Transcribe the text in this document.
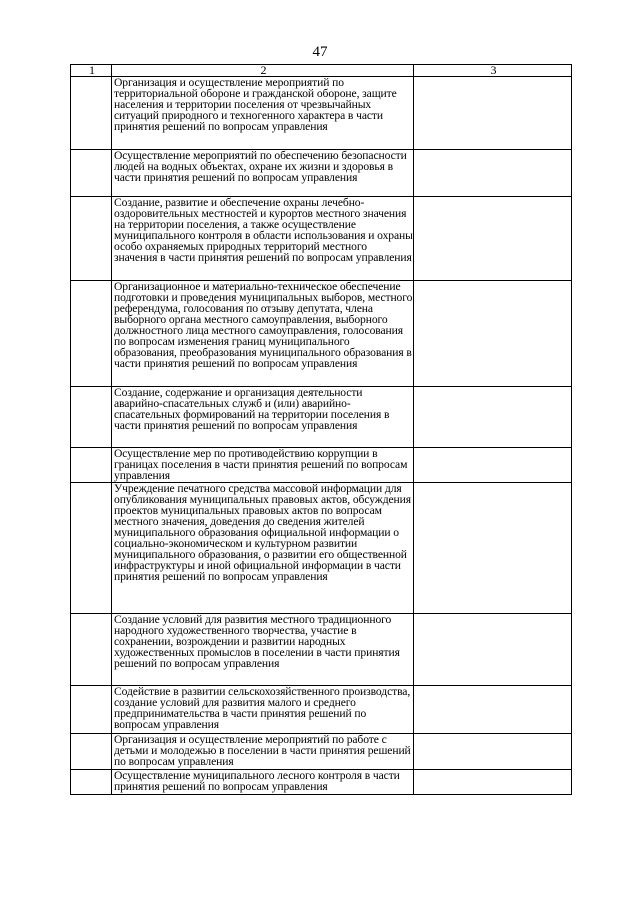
47
1	2	3
	Организация и осуществление мероприятий по территориальной обороне и гражданской обороне, защите населения и территории поселения от чрезвычайных ситуаций природного и техногенного характера в части принятия решений по вопросам управления	
	Осуществление мероприятий по обеспечению безопасности людей на водных объектах, охране их жизни и здоровья в части принятия решений по вопросам управления	
	Создание, развитие и обеспечение охраны лечебно-оздоровительных местностей и курортов местного значения на территории поселения, а также осуществление муниципального контроля в области использования и охраны особо охраняемых природных территорий местного значения в части принятия решений по вопросам управления	
	Организационное и материально-техническое обеспечение подготовки и проведения муниципальных выборов, местного референдума, голосования по отзыву депутата, члена выборного органа местного самоуправления, выборного должностного лица местного самоуправления, голосования по вопросам изменения границ муниципального образования, преобразования муниципального образования в части принятия решений по вопросам управления	
	Создание, содержание и организация деятельности аварийно-спасательных служб и (или) аварийно-спасательных формирований на территории поселения в части принятия решений по вопросам управления	
	Осуществление мер по противодействию коррупции в границах поселения в части принятия решений по вопросам управления	
	Учреждение печатного средства массовой информации для опубликования муниципальных правовых актов, обсуждения проектов муниципальных правовых актов по вопросам местного значения, доведения до сведения жителей муниципального образования официальной информации о социально-экономическом и культурном развитии муниципального образования, о развитии его общественной инфраструктуры и иной официальной информации в части принятия решений по вопросам управления	
	Создание условий для развития местного традиционного народного художественного творчества, участие в сохранении, возрождении и развитии народных художественных промыслов в поселении в части принятия решений по вопросам управления	
	Содействие в развитии сельскохозяйственного производства, создание условий для развития малого и среднего предпринимательства в части принятия решений по вопросам управления	
	Организация и осуществление мероприятий по работе с детьми и молодежью в поселении в части принятия решений по вопросам управления	
	Осуществление муниципального лесного контроля в части принятия решений по вопросам управления	
